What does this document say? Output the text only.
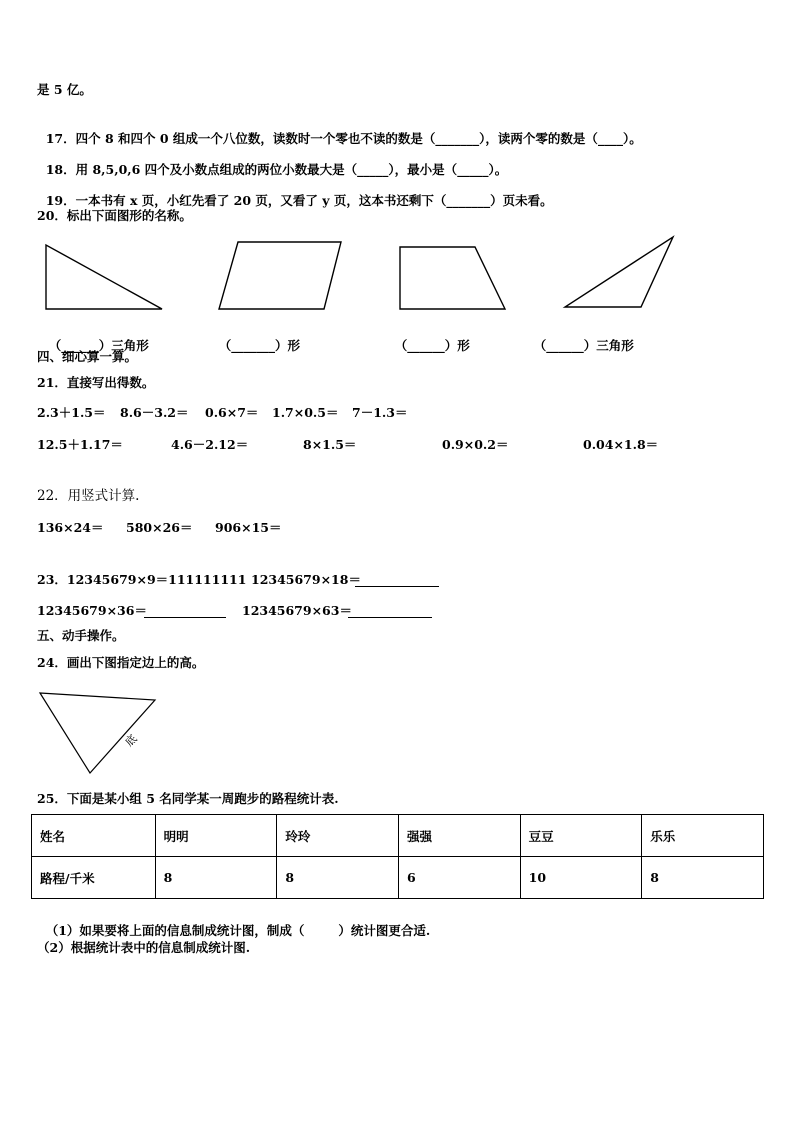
是 5 亿。

17．四个 8 和四个 0 组成一个八位数，读数时一个零也不读的数是（_______），读两个零的数是（____）。

18．用 8,5,0,6 四个及小数点组成的两位小数最大是（_____），最小是（_____）。

19．一本书有 x 页，小红先看了 20 页，又看了 y 页，这本书还剩下（_______）页未看。

20．标出下面图形的名称。

（______）三角形	（_______）形	（______）形	（______）三角形

四、细心算一算。
21．直接写出得数。
2.3＋1.5＝ 8.6－3.2＝ 0.6×7＝ 1.7×0.5＝ 7－1.3＝
12.5＋1.17＝	4.6－2.12＝	8×1.5＝	0.9×0.2＝	0.04×1.8＝
22．用竖式计算.
136×24＝ 580×26＝ 906×15＝
23．12345679×9＝111111111 12345679×18＝
12345679×36＝	12345679×63＝
五、动手操作。
24．画出下图指定边上的高。
底
25．下面是某小组 5 名同学某一周跑步的路程统计表.
姓名	明明	玲玲	强强	豆豆	乐乐
路程/千米	8	8	6	10	8

（1）如果要将上面的信息制成统计图，制成（	）统计图更合适.

（2）根据统计表中的信息制成统计图.
